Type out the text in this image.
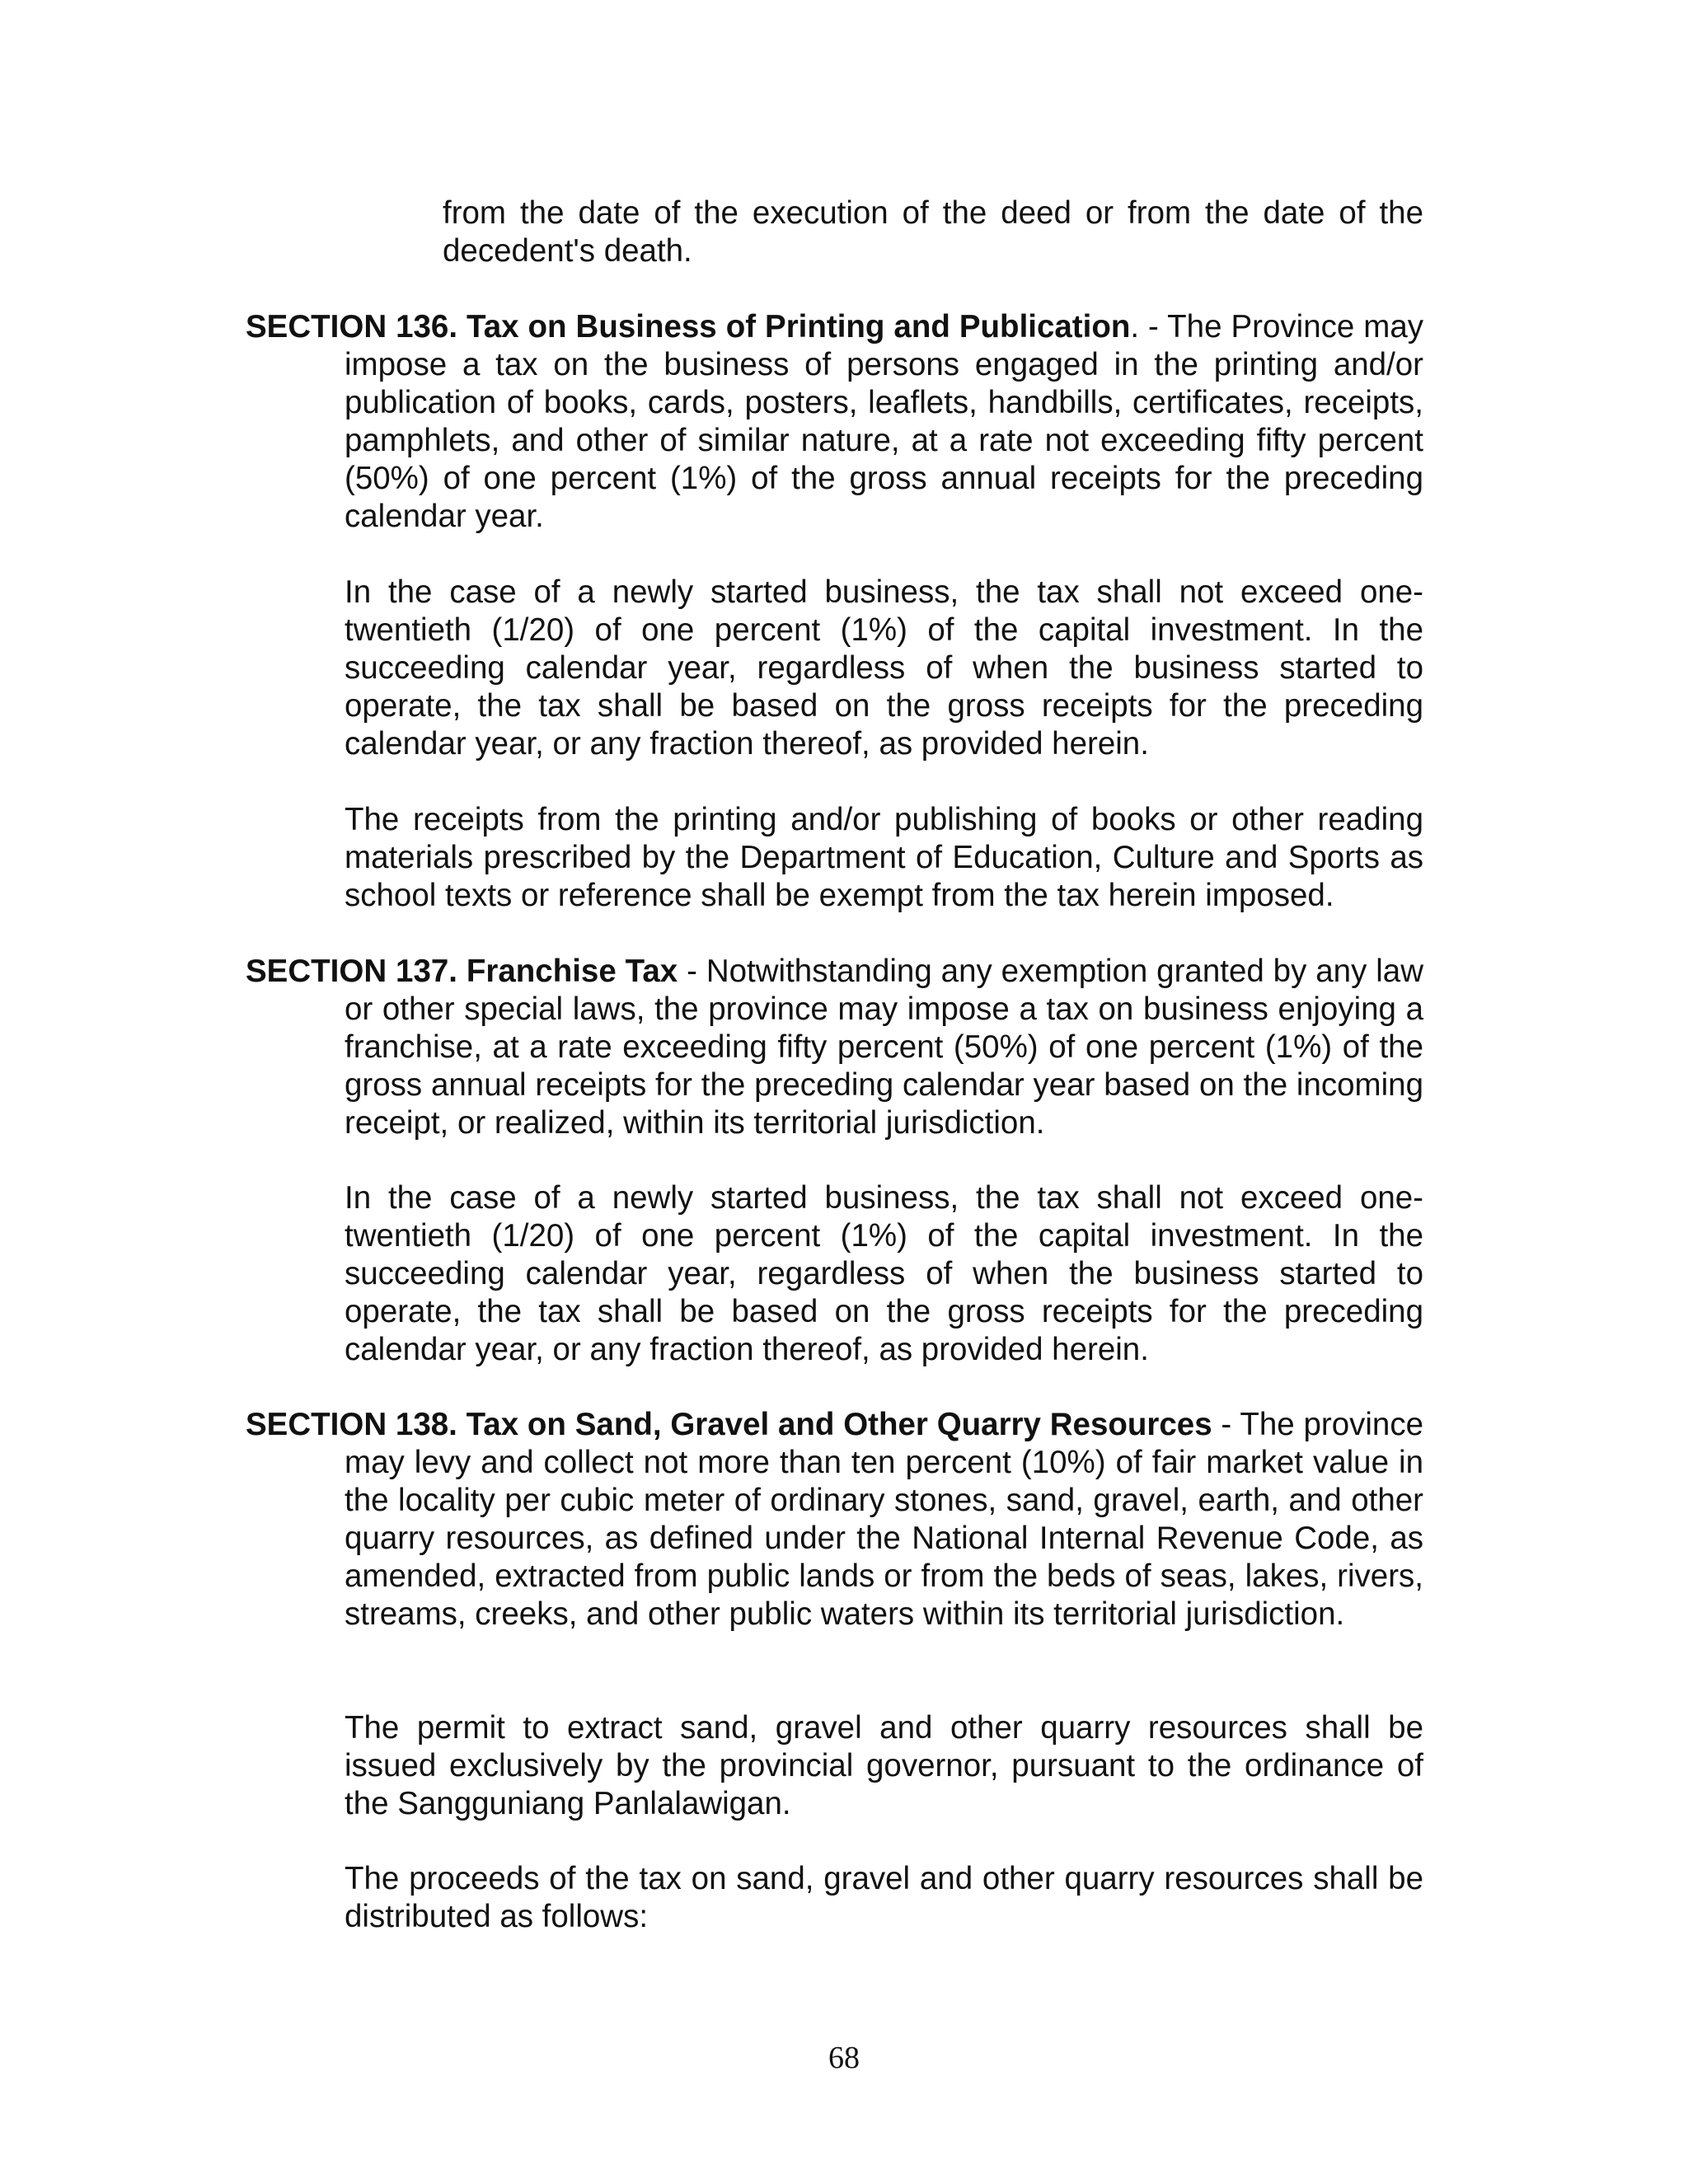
from the date of the execution of the deed or from the date of the decedent's death.

SECTION 136. Tax on Business of Printing and Publication. - The Province may impose a tax on the business of persons engaged in the printing and/or publication of books, cards, posters, leaflets, handbills, certificates, receipts, pamphlets, and other of similar nature, at a rate not exceeding fifty percent (50%) of one percent (1%) of the gross annual receipts for the preceding calendar year.

In the case of a newly started business, the tax shall not exceed one-twentieth (1/20) of one percent (1%) of the capital investment. In the succeeding calendar year, regardless of when the business started to operate, the tax shall be based on the gross receipts for the preceding calendar year, or any fraction thereof, as provided herein.

The receipts from the printing and/or publishing of books or other reading materials prescribed by the Department of Education, Culture and Sports as school texts or reference shall be exempt from the tax herein imposed.

SECTION 137. Franchise Tax - Notwithstanding any exemption granted by any law or other special laws, the province may impose a tax on business enjoying a franchise, at a rate exceeding fifty percent (50%) of one percent (1%) of the gross annual receipts for the preceding calendar year based on the incoming receipt, or realized, within its territorial jurisdiction.

In the case of a newly started business, the tax shall not exceed one-twentieth (1/20) of one percent (1%) of the capital investment. In the succeeding calendar year, regardless of when the business started to operate, the tax shall be based on the gross receipts for the preceding calendar year, or any fraction thereof, as provided herein.

SECTION 138. Tax on Sand, Gravel and Other Quarry Resources - The province may levy and collect not more than ten percent (10%) of fair market value in the locality per cubic meter of ordinary stones, sand, gravel, earth, and other quarry resources, as defined under the National Internal Revenue Code, as amended, extracted from public lands or from the beds of seas, lakes, rivers, streams, creeks, and other public waters within its territorial jurisdiction.

The permit to extract sand, gravel and other quarry resources shall be issued exclusively by the provincial governor, pursuant to the ordinance of the Sangguniang Panlalawigan.

The proceeds of the tax on sand, gravel and other quarry resources shall be distributed as follows:

68
